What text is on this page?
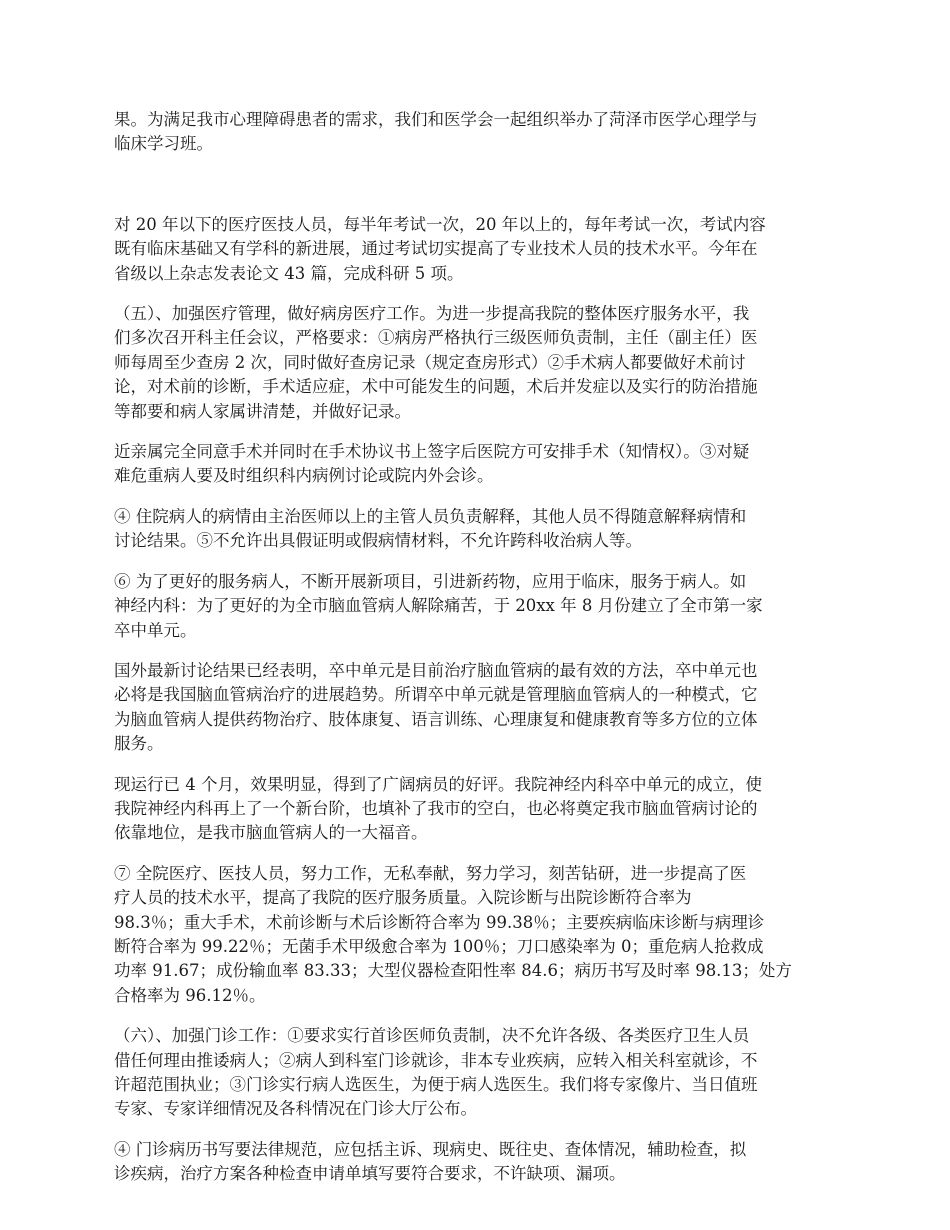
果。为满足我市心理障碍患者的需求，我们和医学会一起组织举办了菏泽市医学心理学与
临床学习班。

对 20 年以下的医疗医技人员，每半年考试一次，20 年以上的，每年考试一次，考试内容
既有临床基础又有学科的新进展，通过考试切实提高了专业技术人员的技术水平。今年在
省级以上杂志发表论文 43 篇，完成科研 5 项。

（五）、加强医疗管理，做好病房医疗工作。为进一步提高我院的整体医疗服务水平，我
们多次召开科主任会议，严格要求：①病房严格执行三级医师负责制，主任（副主任）医
师每周至少查房 2 次，同时做好查房记录（规定查房形式）②手术病人都要做好术前讨
论，对术前的诊断，手术适应症，术中可能发生的问题，术后并发症以及实行的防治措施
等都要和病人家属讲清楚，并做好记录。

近亲属完全同意手术并同时在手术协议书上签字后医院方可安排手术（知情权）。③对疑
难危重病人要及时组织科内病例讨论或院内外会诊。

④ 住院病人的病情由主治医师以上的主管人员负责解释，其他人员不得随意解释病情和
讨论结果。⑤不允许出具假证明或假病情材料，不允许跨科收治病人等。

⑥ 为了更好的服务病人，不断开展新项目，引进新药物，应用于临床，服务于病人。如
神经内科：为了更好的为全市脑血管病人解除痛苦，于 20xx 年 8 月份建立了全市第一家
卒中单元。

国外最新讨论结果已经表明，卒中单元是目前治疗脑血管病的最有效的方法，卒中单元也
必将是我国脑血管病治疗的进展趋势。所谓卒中单元就是管理脑血管病人的一种模式，它
为脑血管病人提供药物治疗、肢体康复、语言训练、心理康复和健康教育等多方位的立体
服务。

现运行已 4 个月，效果明显，得到了广阔病员的好评。我院神经内科卒中单元的成立，使
我院神经内科再上了一个新台阶，也填补了我市的空白，也必将奠定我市脑血管病讨论的
依靠地位，是我市脑血管病人的一大福音。

⑦ 全院医疗、医技人员，努力工作，无私奉献，努力学习，刻苦钻研，进一步提高了医
疗人员的技术水平，提高了我院的医疗服务质量。入院诊断与出院诊断符合率为
98.3％；重大手术，术前诊断与术后诊断符合率为 99.38％；主要疾病临床诊断与病理诊
断符合率为 99.22％；无菌手术甲级愈合率为 100％；刀口感染率为 0；重危病人抢救成
功率 91.67；成份输血率 83.33；大型仪器检查阳性率 84.6；病历书写及时率 98.13；处方
合格率为 96.12％。

（六）、加强门诊工作：①要求实行首诊医师负责制，决不允许各级、各类医疗卫生人员
借任何理由推诿病人；②病人到科室门诊就诊，非本专业疾病，应转入相关科室就诊，不
许超范围执业；③门诊实行病人选医生，为便于病人选医生。我们将专家像片、当日值班
专家、专家详细情况及各科情况在门诊大厅公布。

④ 门诊病历书写要法律规范，应包括主诉、现病史、既往史、查体情况，辅助检查，拟
诊疾病，治疗方案各种检查申请单填写要符合要求，不许缺项、漏项。
